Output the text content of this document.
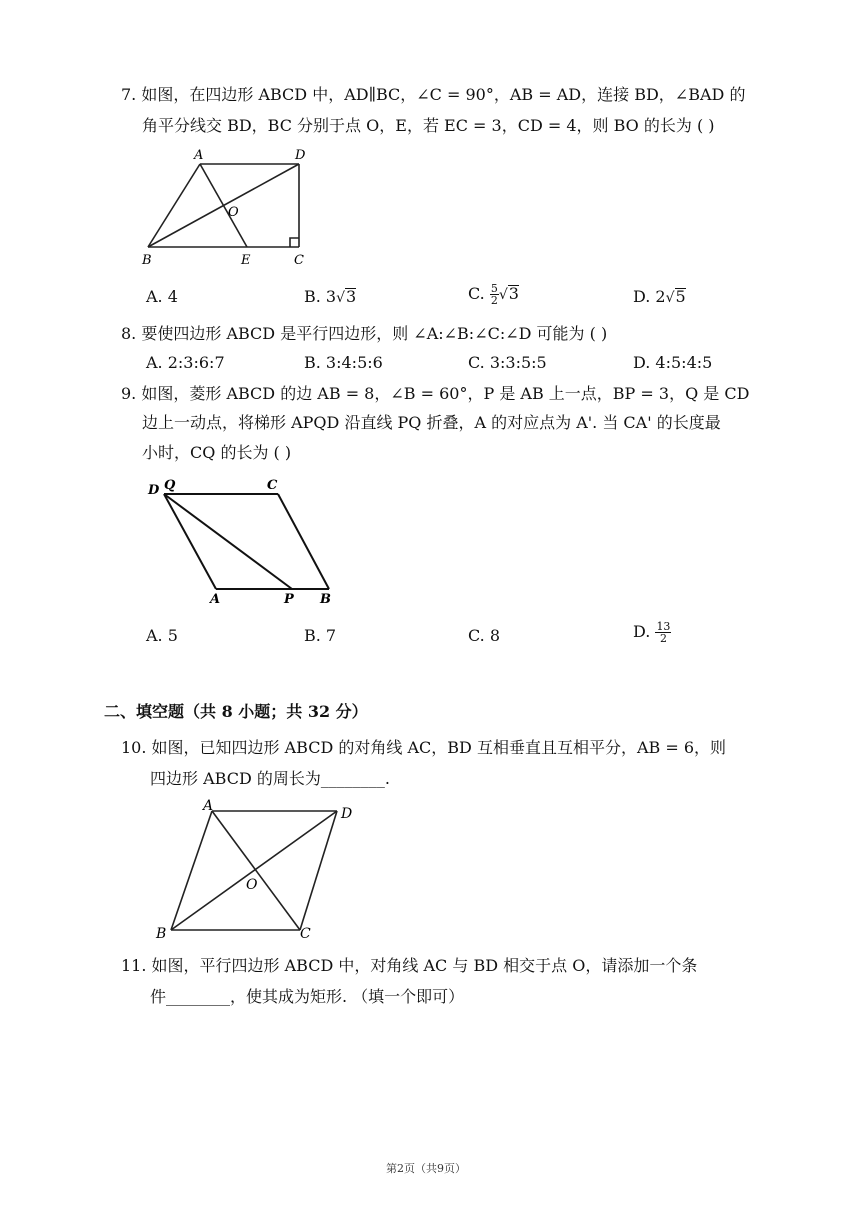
7. 如图，在四边形 ABCD 中，AD∥BC，∠C = 90°，AB = AD，连接 BD，∠BAD 的
角平分线交 BD，BC 分别于点 O，E，若 EC = 3，CD = 4，则 BO 的长为 ( )
A	D
O
B	E	C
A. 4	B. 3√3	C. $\frac{5}{2} √3$	D. 2√5
8. 要使四边形 ABCD 是平行四边形，则 ∠A:∠B:∠C:∠D 可能为 ( )
A. 2:3:6:7	B. 3:4:5:6	C. 3:3:5:5	D. 4:5:4:5
9. 如图，菱形 ABCD 的边 AB = 8，∠B = 60°，P 是 AB 上一点，BP = 3，Q 是 CD
边上一动点，将梯形 APQD 沿直线 PQ 折叠，A 的对应点为 A'. 当 CA' 的长度最
小时，CQ 的长为 ( )
D Q	C
A	P B
A. 5	B. 7	C. 8	D. $\frac{13}{2}$
二、填空题（共 8 小题；共 32 分）
10. 如图，已知四边形 ABCD 的对角线 AC，BD 互相垂直且互相平分，AB = 6，则
四边形 ABCD 的周长为________.
A	D
O
B	C
11. 如图，平行四边形 ABCD 中，对角线 AC 与 BD 相交于点 O，请添加一个条
件________，使其成为矩形. （填一个即可）
第2页（共9页）
